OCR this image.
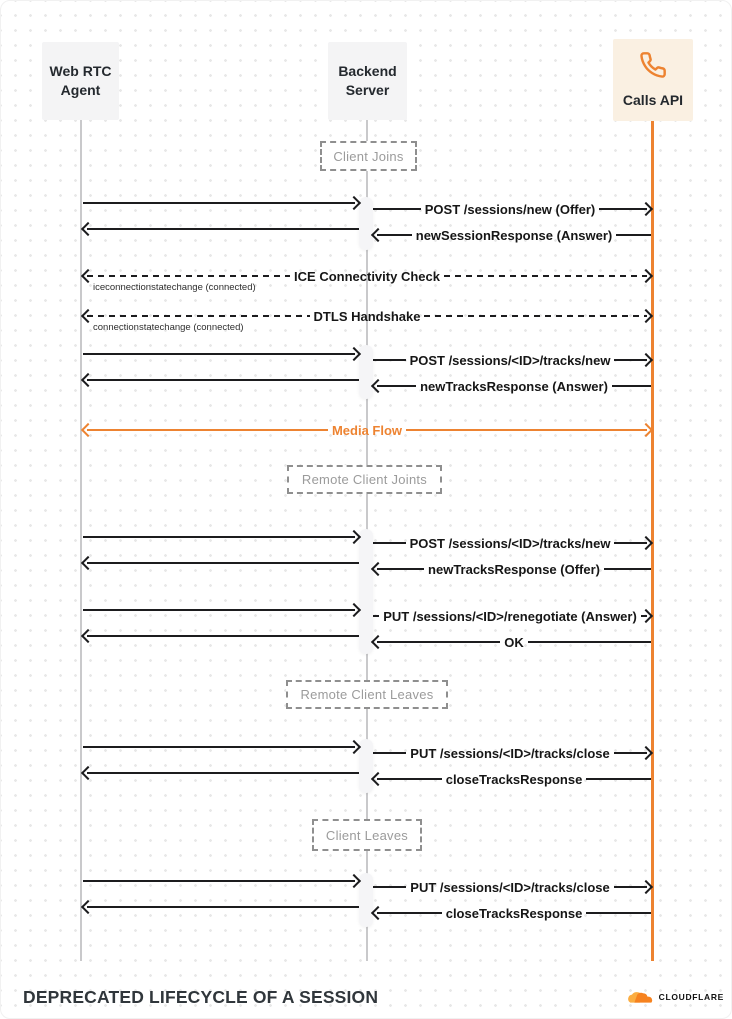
DEPRECATED LIFECYCLE OF A SESSION	CLOUDFLARE
Web RTC Agent
Backend Server
Calls API
POST /sessions/new (Offer)
newSessionResponse (Answer)
ICE Connectivity Check
iceconnectionstatechange (connected)
DTLS Handshake
connectionstatechange (connected)
POST /sessions/<ID>/tracks/new
newTracksResponse (Answer)
Media Flow
POST /sessions/<ID>/tracks/new
newTracksResponse (Offer)
PUT /sessions/<ID>/renegotiate (Answer)
OK
PUT /sessions/<ID>/tracks/close
closeTracksResponse
PUT /sessions/<ID>/tracks/close
closeTracksResponse
Client Joins
Remote Client Joints
Remote Client Leaves
Client Leaves
